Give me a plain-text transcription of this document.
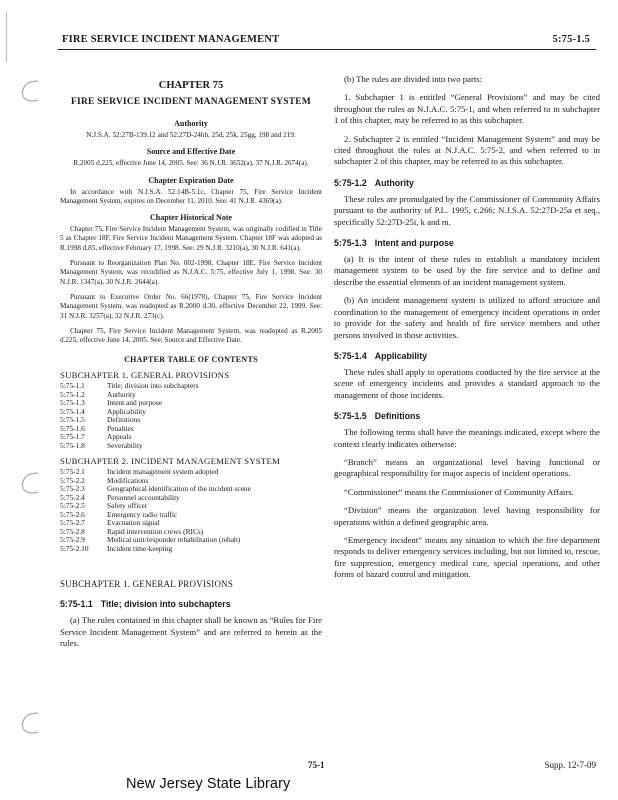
FIRE SERVICE INCIDENT MANAGEMENT	5:75-1.5
CHAPTER 75
FIRE SERVICE INCIDENT MANAGEMENT SYSTEM
Authority
N.J.S.A. 52:27B-139.12 and 52:27D-24hh, 25d, 25k, 25gg, 198 and 219.
Source and Effective Date
R.2005 d.225, effective June 14, 2005. See: 36 N.J.R. 3652(a), 37 N.J.R. 2674(a).
Chapter Expiration Date
In accordance with N.J.S.A. 52:14B-5.1c, Chapter 75, Fire Service Incident Management System, expires on December 11, 2010. See: 41 N.J.R. 4369(a).
Chapter Historical Note
Chapter 75, Fire Service Incident Management System, was originally codified in Title 5 as Chapter 18F, Fire Service Incident Management System. Chapter 18F was adopted as R.1998 d.85, effective February 17, 1998. See: 29 N.J.R. 3210(a), 30 N.J.R. 641(a).
Pursuant to Reorganization Plan No. 002-1998, Chapter 18E, Fire Service Incident Management System, was recodified as N.J.A.C. 5:75, effective July 1, 1998. See: 30 N.J.R. 1347(a), 30 N.J.R. 2644(a).
Pursuant to Executive Order No. 66(1978), Chapter 75, Fire Service Incident Management System, was readopted as R.2000 d.30, effective December 22, 1999. See: 31 N.J.R. 3257(a), 32 N.J.R. 273(c).
Chapter 75, Fire Service Incident Management System, was readopted as R.2005 d.225, effective June 14, 2005. See: Source and Effective Date.
CHAPTER TABLE OF CONTENTS
SUBCHAPTER 1. GENERAL PROVISIONS
5:75-1.1	Title; division into subchapters
5:75-1.2	Authority
5:75-1.3	Intent and purpose
5:75-1.4	Applicability
5:75-1.5	Definitions
5:75-1.6	Penalties
5:75-1.7	Appeals
5:75-1.8	Severability
SUBCHAPTER 2. INCIDENT MANAGEMENT SYSTEM
5:75-2.1	Incident management system adopted
5:75-2.2	Modifications
5:75-2.3	Geographical identification of the incident scene
5:75-2.4	Personnel accountability
5:75-2.5	Safety officer
5:75-2.6	Emergency radio traffic
5:75-2.7	Evacuation signal
5:75-2.8	Rapid intervention crews (RICs)
5:75-2.9	Medical unit/responder rehabilitation (rehab)
5:75-2.10	Incident time-keeping
SUBCHAPTER 1. GENERAL PROVISIONS
5:75-1.1 Title; division into subchapters
(a) The rules contained in this chapter shall be known as “Rules for Fire Service Incident Management System” and are referred to herein as the rules.
(b) The rules are divided into two parts:
1. Subchapter 1 is entitled “General Provisions” and may be cited throughout the rules as N.J.A.C. 5:75-1, and when referred to in subchapter 1 of this chapter, may be referred to as this subchapter.
2. Subchapter 2 is entitled “Incident Management System” and may be cited throughout the rules at N.J.A.C. 5:75-2, and when referred to in subchapter 2 of this chapter, may be referred to as this subchapter.
5:75-1.2 Authority
These rules are promulgated by the Commissioner of Community Affairs pursuant to the authority of P.L. 1995, c.266; N.J.S.A. 52:27D-25a et seq., specifically 52:27D-25i, k and m.
5:75-1.3 Intent and purpose
(a) It is the intent of these rules to establish a mandatory incident management system to be used by the fire service and to define and describe the essential elements of an incident management system.
(b) An incident management system is utilized to afford structure and coordination to the management of emergency incident operations in order to provide for the safety and health of fire service members and other persons involved in those activities.
5:75-1.4 Applicability
These rules shall apply to operations conducted by the fire service at the scene of emergency incidents and provides a standard approach to the management of those incidents.
5:75-1.5 Definitions
The following terms shall have the meanings indicated, except where the context clearly indicates otherwise:
“Branch” means an organizational level having functional or geographical responsibility for major aspects of incident operations.
“Commissioner” means the Commissioner of Community Affairs.
“Division” means the organization level having responsibility for operations within a defined geographic area.
“Emergency incident” means any situation to which the fire department responds to deliver emergency services including, but not limited to, rescue, fire suppression, emergency medical care, special operations, and other forms of hazard control and mitigation.
75-1	Supp. 12-7-09
New Jersey State Library
